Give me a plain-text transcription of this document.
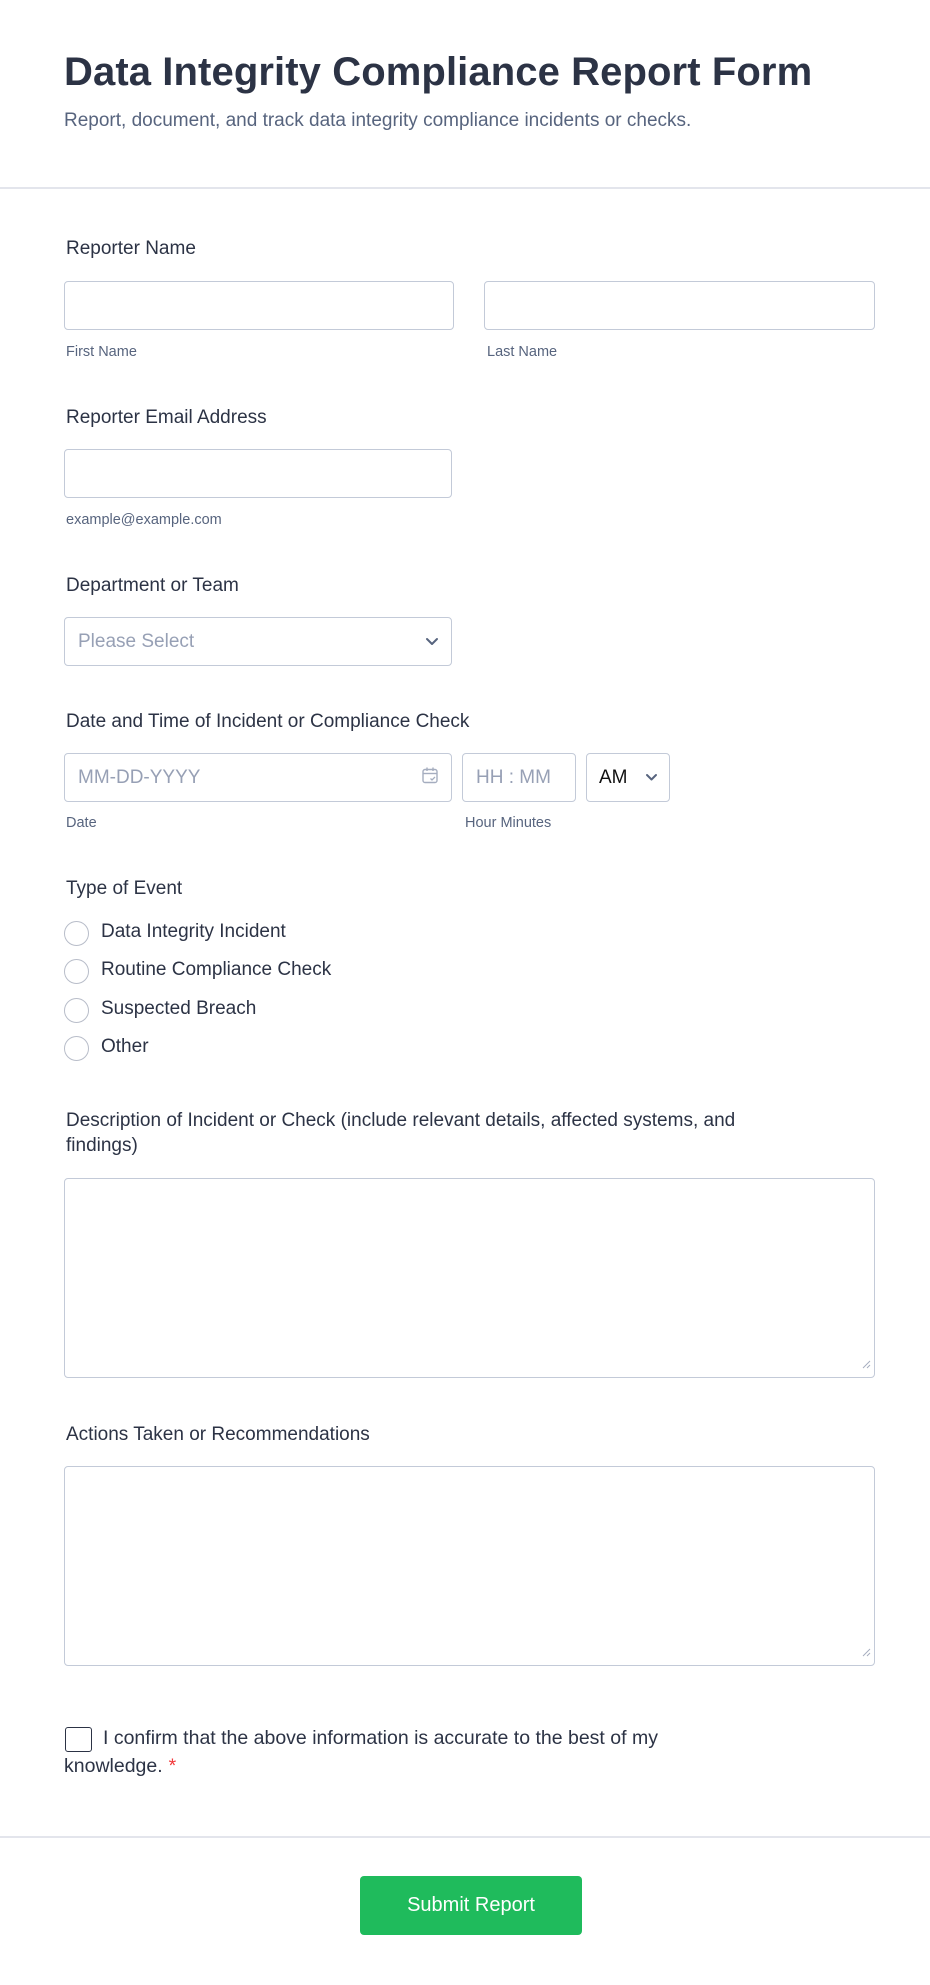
Data Integrity Compliance Report Form
Report, document, and track data integrity compliance incidents or checks.
Reporter Name
First Name	Last Name
Reporter Email Address
example@example.com
Department or Team
Please Select
Date and Time of Incident or Compliance Check
MM-DD-YYYY	HH : MM	AM
Date	Hour Minutes
Type of Event
Data Integrity Incident
Routine Compliance Check
Suspected Breach
Other
Description of Incident or Check (include relevant details, affected systems, and
findings)
Actions Taken or Recommendations
I confirm that the above information is accurate to the best of my
knowledge. *
Submit Report
